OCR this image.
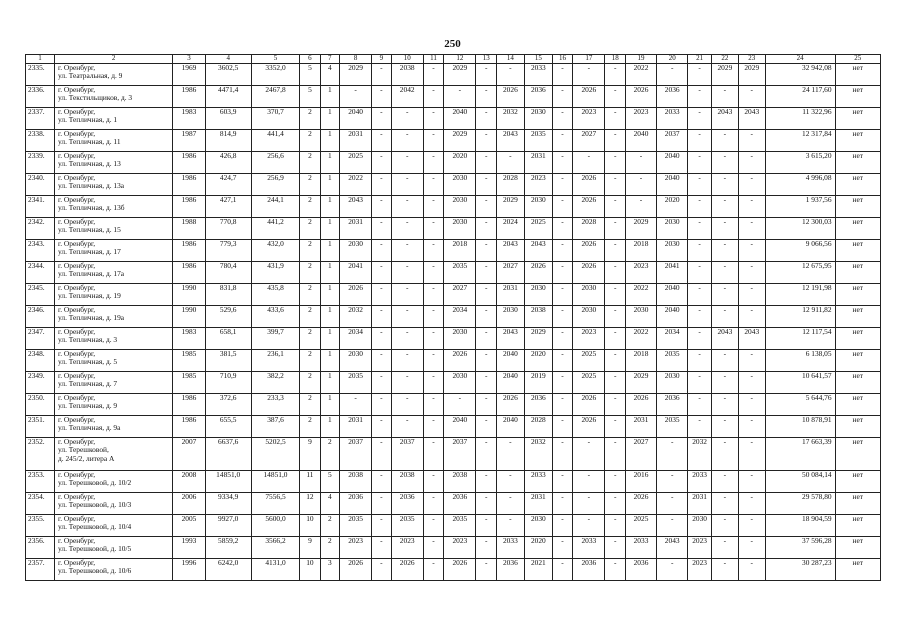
250
1	2	3	4	5	6	7	8	9	10	11	12	13	14	15	16	17	18	19	20	21	22	23	24	25
2335.	г. Оренбург,
ул. Театральная, д. 9	1969	3602,5	3352,0	5	4	2029	-	2038	-	2029	-	-	2033	-	-	-	2022	-	-	2029	2029	32 942,08	нет
2336.	г. Оренбург,
ул. Текстильщиков, д. 3	1986	4471,4	2467,8	5	1	-	-	2042	-	-	-	2026	2036	-	2026	-	2026	2036	-	-	-	24 117,60	нет
2337.	г. Оренбург,
ул. Тепличная, д. 1	1983	603,9	370,7	2	1	2040	-	-	-	2040	-	2032	2030	-	2023	-	2023	2033	-	2043	2043	11 322,96	нет
2338.	г. Оренбург,
ул. Тепличная, д. 11	1987	814,9	441,4	2	1	2031	-	-	-	2029	-	2043	2035	-	2027	-	2040	2037	-	-	-	12 317,84	нет
2339.	г. Оренбург,
ул. Тепличная, д. 13	1986	426,8	256,6	2	1	2025	-	-	-	2020	-	-	2031	-	-	-	-	2040	-	-	-	3 615,20	нет
2340.	г. Оренбург,
ул. Тепличная, д. 13а	1986	424,7	256,9	2	1	2022	-	-	-	2030	-	2028	2023	-	2026	-	-	2040	-	-	-	4 996,08	нет
2341.	г. Оренбург,
ул. Тепличная, д. 13б	1986	427,1	244,1	2	1	2043	-	-	-	2030	-	2029	2030	-	2026	-	-	2020	-	-	-	1 937,56	нет
2342.	г. Оренбург,
ул. Тепличная, д. 15	1988	770,8	441,2	2	1	2031	-	-	-	2030	-	2024	2025	-	2028	-	2029	2030	-	-	-	12 300,03	нет
2343.	г. Оренбург,
ул. Тепличная, д. 17	1986	779,3	432,0	2	1	2030	-	-	-	2018	-	2043	2043	-	2026	-	2018	2030	-	-	-	9 066,56	нет
2344.	г. Оренбург,
ул. Тепличная, д. 17а	1986	780,4	431,9	2	1	2041	-	-	-	2035	-	2027	2026	-	2026	-	2023	2041	-	-	-	12 675,95	нет
2345.	г. Оренбург,
ул. Тепличная, д. 19	1990	831,8	435,8	2	1	2026	-	-	-	2027	-	2031	2030	-	2030	-	2022	2040	-	-	-	12 191,98	нет
2346.	г. Оренбург,
ул. Тепличная, д. 19а	1990	529,6	433,6	2	1	2032	-	-	-	2034	-	2030	2038	-	2030	-	2030	2040	-	-	-	12 911,82	нет
2347.	г. Оренбург,
ул. Тепличная, д. 3	1983	658,1	399,7	2	1	2034	-	-	-	2030	-	2043	2029	-	2023	-	2022	2034	-	2043	2043	12 117,54	нет
2348.	г. Оренбург,
ул. Тепличная, д. 5	1985	381,5	236,1	2	1	2030	-	-	-	2026	-	2040	2020	-	2025	-	2018	2035	-	-	-	6 138,05	нет
2349.	г. Оренбург,
ул. Тепличная, д. 7	1985	710,9	382,2	2	1	2035	-	-	-	2030	-	2040	2019	-	2025	-	2029	2030	-	-	-	10 641,57	нет
2350.	г. Оренбург,
ул. Тепличная, д. 9	1986	372,6	233,3	2	1	-	-	-	-	-	-	2026	2036	-	2026	-	2026	2036	-	-	-	5 644,76	нет
2351.	г. Оренбург,
ул. Тепличная, д. 9а	1986	655,5	387,6	2	1	2031	-	-	-	2040	-	2040	2028	-	2026	-	2031	2035	-	-	-	10 878,91	нет
2352.	г. Оренбург,
ул. Терешковой,
д. 245/2, литера А	2007	6637,6	5202,5	9	2	2037	-	2037	-	2037	-	-	2032	-	-	-	2027	-	2032	-	-	17 663,39	нет
2353.	г. Оренбург,
ул. Терешковой, д. 10/2	2008	14851,0	14851,0	11	5	2038	-	2038	-	2038	-	-	2033	-	-	-	2016	-	2033	-	-	50 084,14	нет
2354.	г. Оренбург,
ул. Терешковой, д. 10/3	2006	9334,9	7556,5	12	4	2036	-	2036	-	2036	-	-	2031	-	-	-	2026	-	2031	-	-	29 578,80	нет
2355.	г. Оренбург,
ул. Терешковой, д. 10/4	2005	9927,0	5600,0	10	2	2035	-	2035	-	2035	-	-	2030	-	-	-	2025	-	2030	-	-	18 904,59	нет
2356.	г. Оренбург,
ул. Терешковой, д. 10/5	1993	5859,2	3566,2	9	2	2023	-	2023	-	2023	-	2033	2020	-	2033	-	2033	2043	2023	-	-	37 596,28	нет
2357.	г. Оренбург,
ул. Терешковой, д. 10/6	1996	6242,0	4131,0	10	3	2026	-	2026	-	2026	-	2036	2021	-	2036	-	2036	-	2023	-	-	30 287,23	нет
